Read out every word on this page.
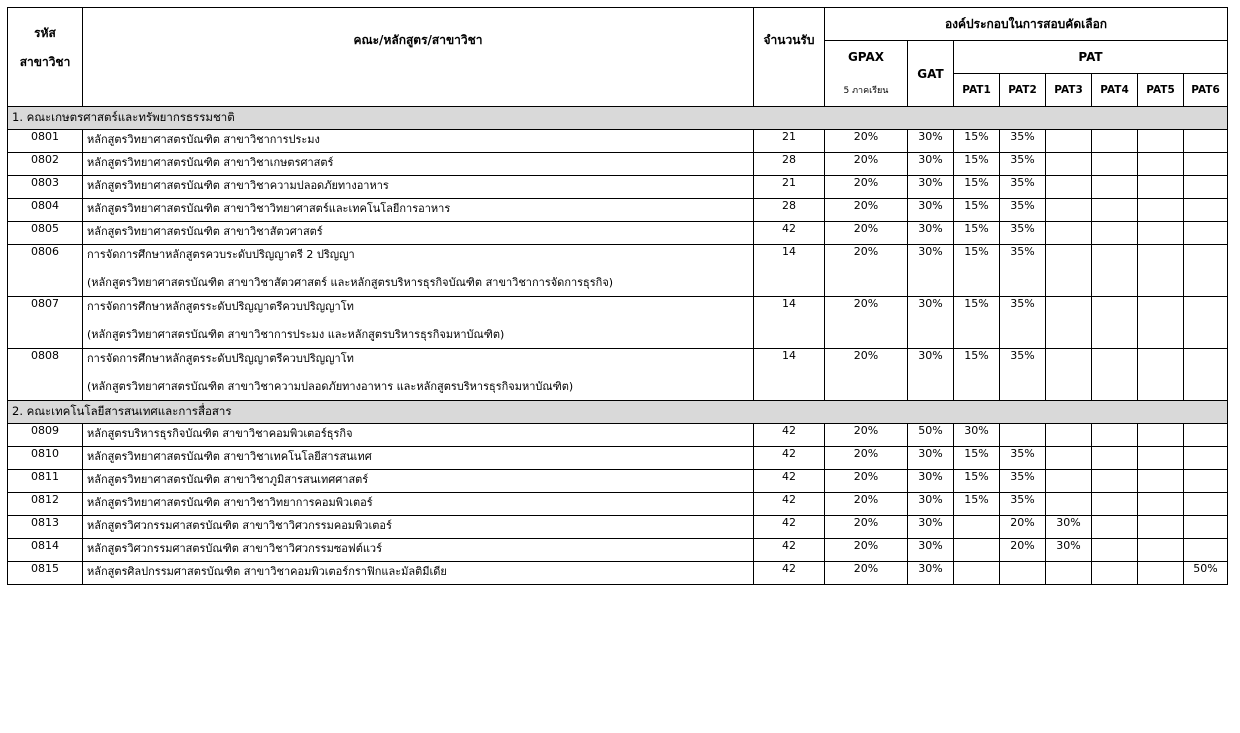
รหัส
สาขาวิชา	คณะ/หลักสูตร/สาขาวิชา	จำนวนรับ	องค์ประกอบในการสอบคัดเลือก							
			GPAX	GAT	PAT					
			5 ภาคเรียน		PAT1	PAT2	PAT3	PAT4	PAT5	PAT6
1. คณะเกษตรศาสตร์และทรัพยากรธรรมชาติ										
0801	หลักสูตรวิทยาศาสตรบัณฑิต สาขาวิชาการประมง	21	20%	30%	15%	35%				
0802	หลักสูตรวิทยาศาสตรบัณฑิต สาขาวิชาเกษตรศาสตร์	28	20%	30%	15%	35%				
0803	หลักสูตรวิทยาศาสตรบัณฑิต สาขาวิชาความปลอดภัยทางอาหาร	21	20%	30%	15%	35%				
0804	หลักสูตรวิทยาศาสตรบัณฑิต สาขาวิชาวิทยาศาสตร์และเทคโนโลยีการอาหาร	28	20%	30%	15%	35%				
0805	หลักสูตรวิทยาศาสตรบัณฑิต สาขาวิชาสัตวศาสตร์	42	20%	30%	15%	35%				
0806	การจัดการศึกษาหลักสูตรควบระดับปริญญาตรี 2 ปริญญา
(หลักสูตรวิทยาศาสตรบัณฑิต สาขาวิชาสัตวศาสตร์ และหลักสูตรบริหารธุรกิจบัณฑิต สาขาวิชาการจัดการธุรกิจ)	14	20%	30%	15%	35%				
0807	การจัดการศึกษาหลักสูตรระดับปริญญาตรีควบปริญญาโท
(หลักสูตรวิทยาศาสตรบัณฑิต สาขาวิชาการประมง และหลักสูตรบริหารธุรกิจมหาบัณฑิต)	14	20%	30%	15%	35%				
0808	การจัดการศึกษาหลักสูตรระดับปริญญาตรีควบปริญญาโท
(หลักสูตรวิทยาศาสตรบัณฑิต สาขาวิชาความปลอดภัยทางอาหาร และหลักสูตรบริหารธุรกิจมหาบัณฑิต)	14	20%	30%	15%	35%				
2. คณะเทคโนโลยีสารสนเทศและการสื่อสาร										
0809	หลักสูตรบริหารธุรกิจบัณฑิต สาขาวิชาคอมพิวเตอร์ธุรกิจ	42	20%	50%	30%					
0810	หลักสูตรวิทยาศาสตรบัณฑิต สาขาวิชาเทคโนโลยีสารสนเทศ	42	20%	30%	15%	35%				
0811	หลักสูตรวิทยาศาสตรบัณฑิต สาขาวิชาภูมิสารสนเทศศาสตร์	42	20%	30%	15%	35%				
0812	หลักสูตรวิทยาศาสตรบัณฑิต สาขาวิชาวิทยาการคอมพิวเตอร์	42	20%	30%	15%	35%				
0813	หลักสูตรวิศวกรรมศาสตรบัณฑิต สาขาวิชาวิศวกรรมคอมพิวเตอร์	42	20%	30%		20%	30%			
0814	หลักสูตรวิศวกรรมศาสตรบัณฑิต สาขาวิชาวิศวกรรมซอฟต์แวร์	42	20%	30%		20%	30%			
0815	หลักสูตรศิลปกรรมศาสตรบัณฑิต สาขาวิชาคอมพิวเตอร์กราฟิกและมัลติมีเดีย	42	20%	30%						50%
